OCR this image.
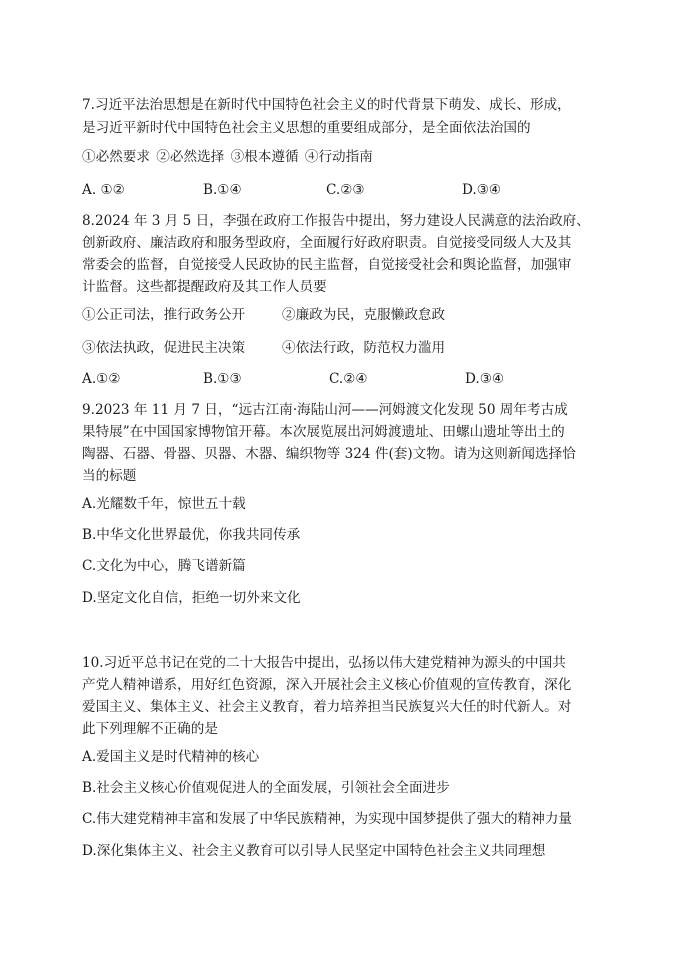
7.习近平法治思想是在新时代中国特色社会主义的时代背景下萌发、成长、形成，
是习近平新时代中国特色社会主义思想的重要组成部分，是全面依法治国的
①必然要求 ②必然选择 ③根本遵循 ④行动指南
A. ①②	B.①④	C.②③	D.③④
8.2024 年 3 月 5 日，李强在政府工作报告中提出，努力建设人民满意的法治政府、
创新政府、廉洁政府和服务型政府，全面履行好政府职责。自觉接受同级人大及其
常委会的监督，自觉接受人民政协的民主监督，自觉接受社会和舆论监督，加强审
计监督。这些都提醒政府及其工作人员要
①公正司法，推行政务公开	②廉政为民，克服懒政怠政
③依法执政，促进民主决策	④依法行政，防范权力滥用
A.①②	B.①③	C.②④	D.③④
9.2023 年 11 月 7 日，“远古江南·海陆山河——河姆渡文化发现 50 周年考古成
果特展”在中国国家博物馆开幕。本次展览展出河姆渡遗址、田螺山遗址等出土的
陶器、石器、骨器、贝器、木器、编织物等 324 件(套)文物。请为这则新闻选择恰
当的标题
A.光耀数千年，惊世五十载
B.中华文化世界最优，你我共同传承
C.文化为中心，腾飞谱新篇
D.坚定文化自信，拒绝一切外来文化
10.习近平总书记在党的二十大报告中提出，弘扬以伟大建党精神为源头的中国共
产党人精神谱系，用好红色资源，深入开展社会主义核心价值观的宣传教育，深化
爱国主义、集体主义、社会主义教育，着力培养担当民族复兴大任的时代新人。对
此下列理解不正确的是
A.爱国主义是时代精神的核心
B.社会主义核心价值观促进人的全面发展，引领社会全面进步
C.伟大建党精神丰富和发展了中华民族精神，为实现中国梦提供了强大的精神力量
D.深化集体主义、社会主义教育可以引导人民坚定中国特色社会主义共同理想
